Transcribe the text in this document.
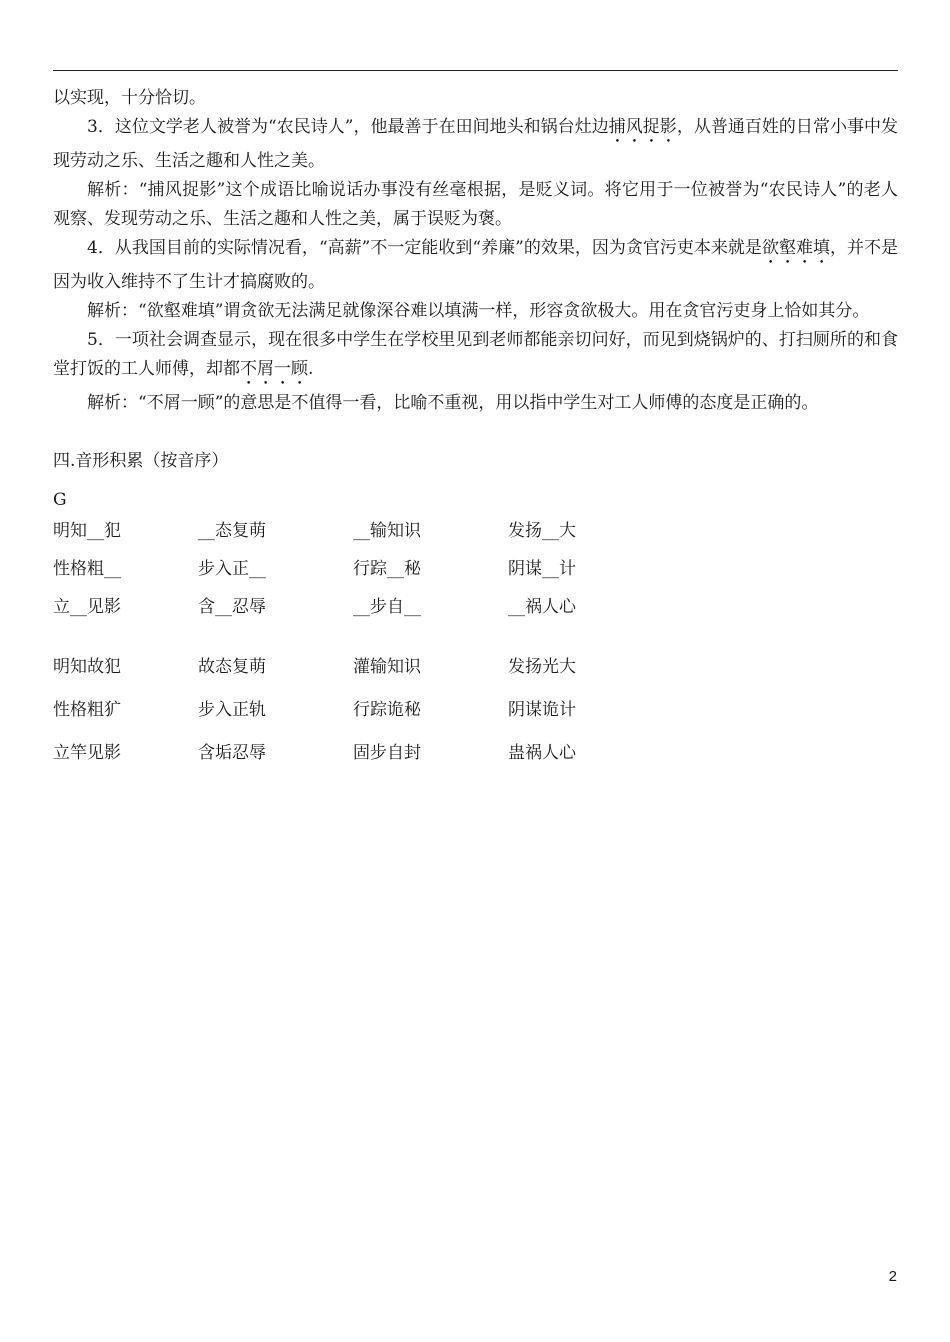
以实现，十分恰切。

3．这位文学老人被誉为“农民诗人”，他最善于在田间地头和锅台灶边捕风捉影，从普通百姓的日常小事中发现劳动之乐、生活之趣和人性之美。

解析：“捕风捉影”这个成语比喻说话办事没有丝毫根据，是贬义词。将它用于一位被誉为“农民诗人”的老人观察、发现劳动之乐、生活之趣和人性之美，属于误贬为褒。

4．从我国目前的实际情况看，“高薪”不一定能收到“养廉”的效果，因为贪官污吏本来就是欲壑难填，并不是因为收入维持不了生计才搞腐败的。

解析：“欲壑难填”谓贪欲无法满足就像深谷难以填满一样，形容贪欲极大。用在贪官污吏身上恰如其分。

5．一项社会调查显示，现在很多中学生在学校里见到老师都能亲切问好，而见到烧锅炉的、打扫厕所的和食堂打饭的工人师傅，却都不屑一顾.

解析：“不屑一顾”的意思是不值得一看，比喻不重视，用以指中学生对工人师傅的态度是正确的。

四.音形积累（按音序）
G
明知__犯	__态复萌	__输知识	发扬__大
性格粗__	步入正__	行踪__秘	阴谋__计
立__见影	含__忍辱	__步自__	__祸人心
明知故犯	故态复萌	灌输知识	发扬光大
性格粗犷	步入正轨	行踪诡秘	阴谋诡计
立竿见影	含垢忍辱	固步自封	蛊祸人心
2
